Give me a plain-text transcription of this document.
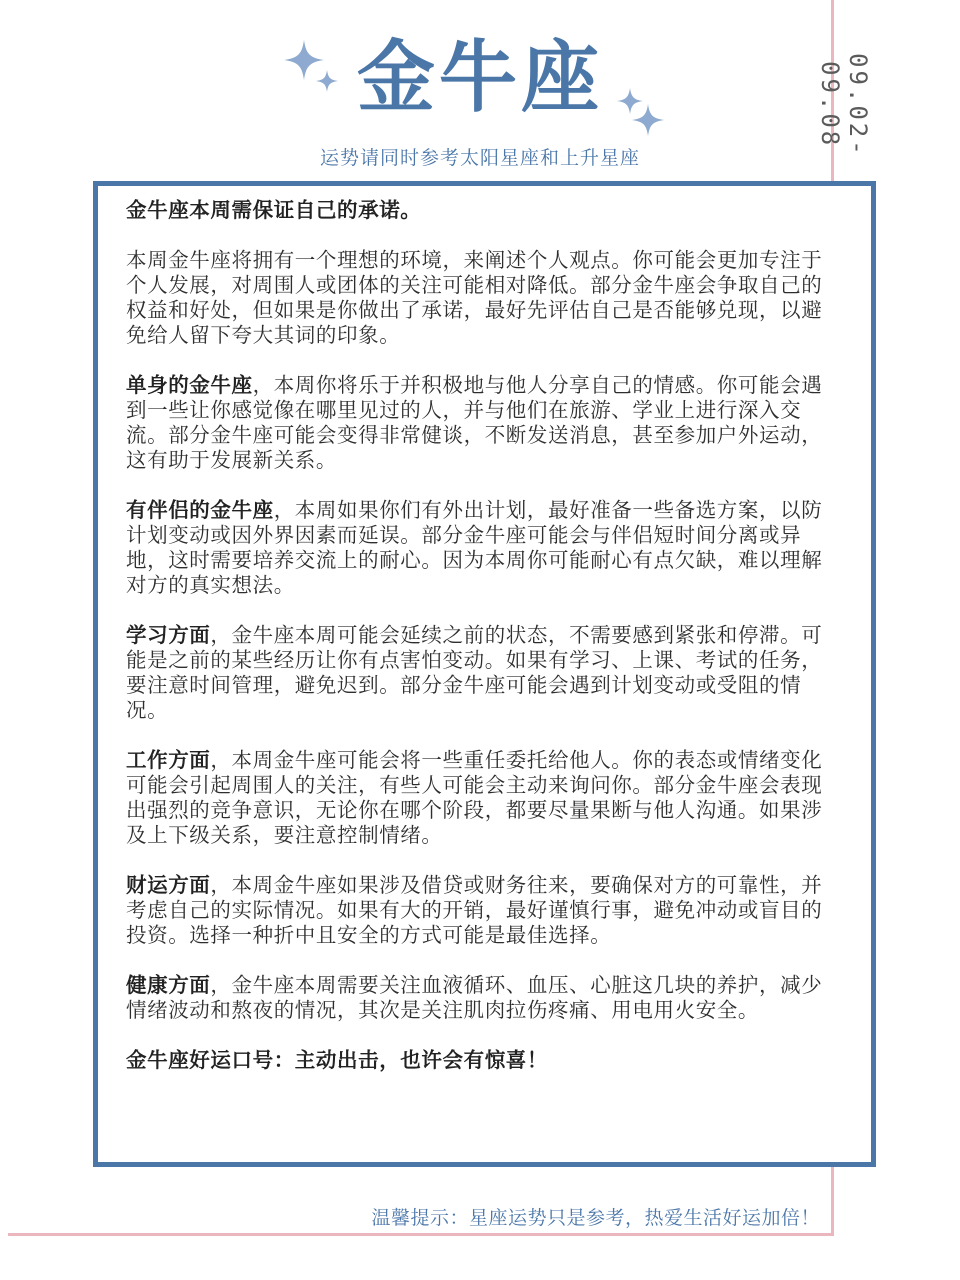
金牛座
运势请同时参考太阳星座和上升星座
09.02-09.08

金牛座本周需保证自己的承诺。

本周金牛座将拥有一个理想的环境，来阐述个人观点。你可能会更加专注于个人发展，对周围人或团体的关注可能相对降低。部分金牛座会争取自己的权益和好处，但如果是你做出了承诺，最好先评估自己是否能够兑现，以避免给人留下夸大其词的印象。

单身的金牛座，本周你将乐于并积极地与他人分享自己的情感。你可能会遇到一些让你感觉像在哪里见过的人，并与他们在旅游、学业上进行深入交流。部分金牛座可能会变得非常健谈，不断发送消息，甚至参加户外运动，这有助于发展新关系。

有伴侣的金牛座，本周如果你们有外出计划，最好准备一些备选方案，以防计划变动或因外界因素而延误。部分金牛座可能会与伴侣短时间分离或异地，这时需要培养交流上的耐心。因为本周你可能耐心有点欠缺，难以理解对方的真实想法。

学习方面，金牛座本周可能会延续之前的状态，不需要感到紧张和停滞。可能是之前的某些经历让你有点害怕变动。如果有学习、上课、考试的任务，要注意时间管理，避免迟到。部分金牛座可能会遇到计划变动或受阻的情况。

工作方面，本周金牛座可能会将一些重任委托给他人。你的表态或情绪变化可能会引起周围人的关注，有些人可能会主动来询问你。部分金牛座会表现出强烈的竞争意识，无论你在哪个阶段，都要尽量果断与他人沟通。如果涉及上下级关系，要注意控制情绪。

财运方面，本周金牛座如果涉及借贷或财务往来，要确保对方的可靠性，并考虑自己的实际情况。如果有大的开销，最好谨慎行事，避免冲动或盲目的投资。选择一种折中且安全的方式可能是最佳选择。

健康方面，金牛座本周需要关注血液循环、血压、心脏这几块的养护，减少情绪波动和熬夜的情况，其次是关注肌肉拉伤疼痛、用电用火安全。

金牛座好运口号：主动出击，也许会有惊喜！

温馨提示：星座运势只是参考，热爱生活好运加倍！
